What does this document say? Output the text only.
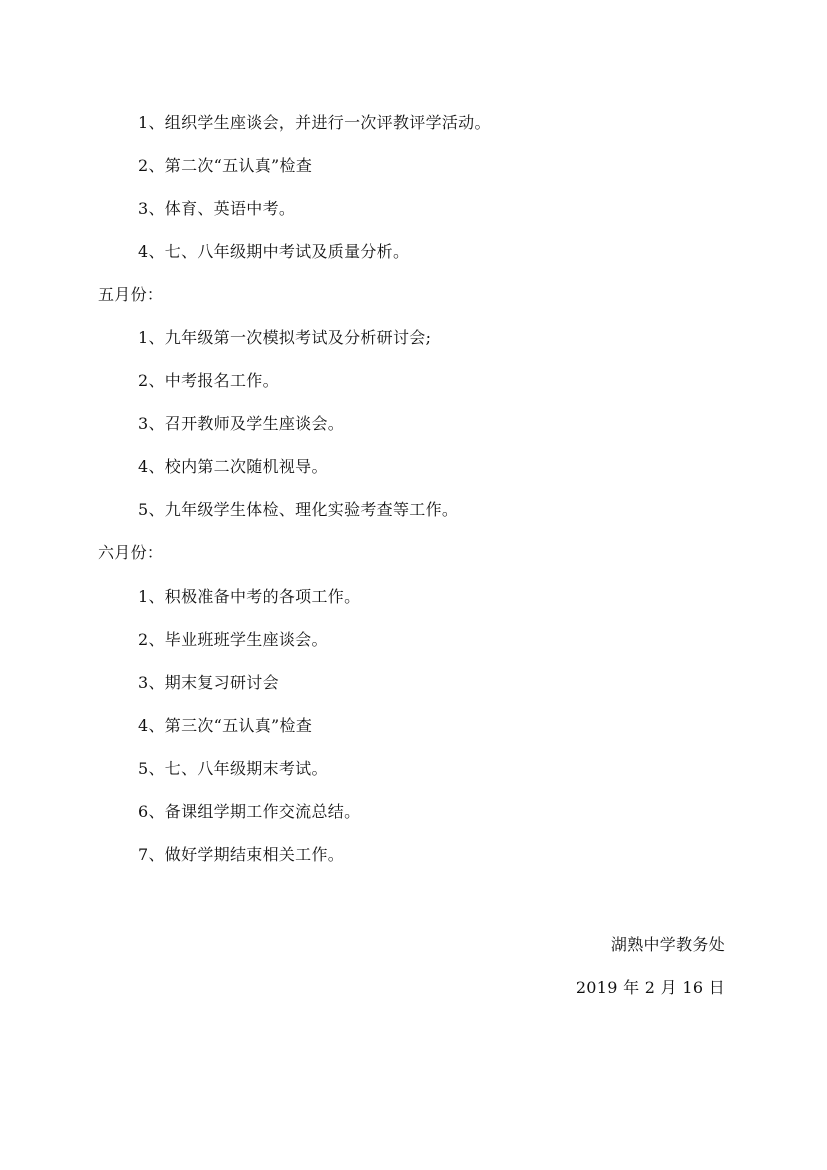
1、组织学生座谈会，并进行一次评教评学活动。
2、第二次“五认真”检查
3、体育、英语中考。
4、七、八年级期中考试及质量分析。
五月份：
1、九年级第一次模拟考试及分析研讨会;
2、中考报名工作。
3、召开教师及学生座谈会。
4、校内第二次随机视导。
5、九年级学生体检、理化实验考查等工作。
六月份：
1、积极准备中考的各项工作。
2、毕业班班学生座谈会。
3、期末复习研讨会
4、第三次“五认真”检查
5、七、八年级期末考试。
6、备课组学期工作交流总结。
7、做好学期结束相关工作。
湖熟中学教务处
2019 年 2 月 16 日
